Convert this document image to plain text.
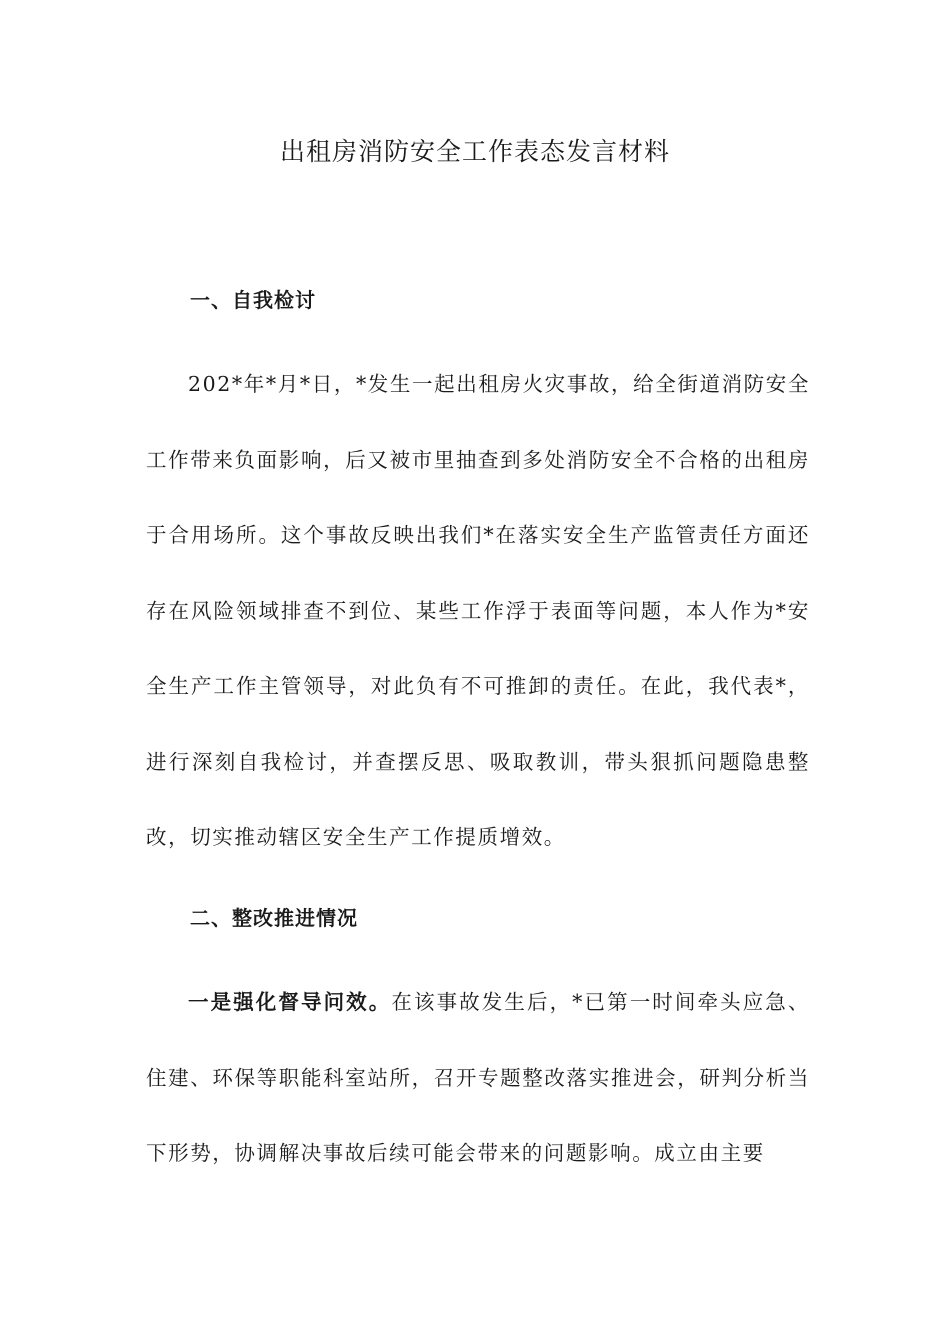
出租房消防安全工作表态发言材料
一、自我检讨

202*年*月*日，*发生一起出租房火灾事故，给全街道消防安全工作带来负面影响，后又被市里抽查到多处消防安全不合格的出租房于合用场所。这个事故反映出我们*在落实安全生产监管责任方面还存在风险领域排查不到位、某些工作浮于表面等问题，本人作为*安全生产工作主管领导，对此负有不可推卸的责任。在此，我代表*，进行深刻自我检讨，并查摆反思、吸取教训，带头狠抓问题隐患整改，切实推动辖区安全生产工作提质增效。

二、整改推进情况

一是强化督导问效。在该事故发生后，*已第一时间牵头应急、住建、环保等职能科室站所，召开专题整改落实推进会，研判分析当下形势，协调解决事故后续可能会带来的问题影响。成立由主要
